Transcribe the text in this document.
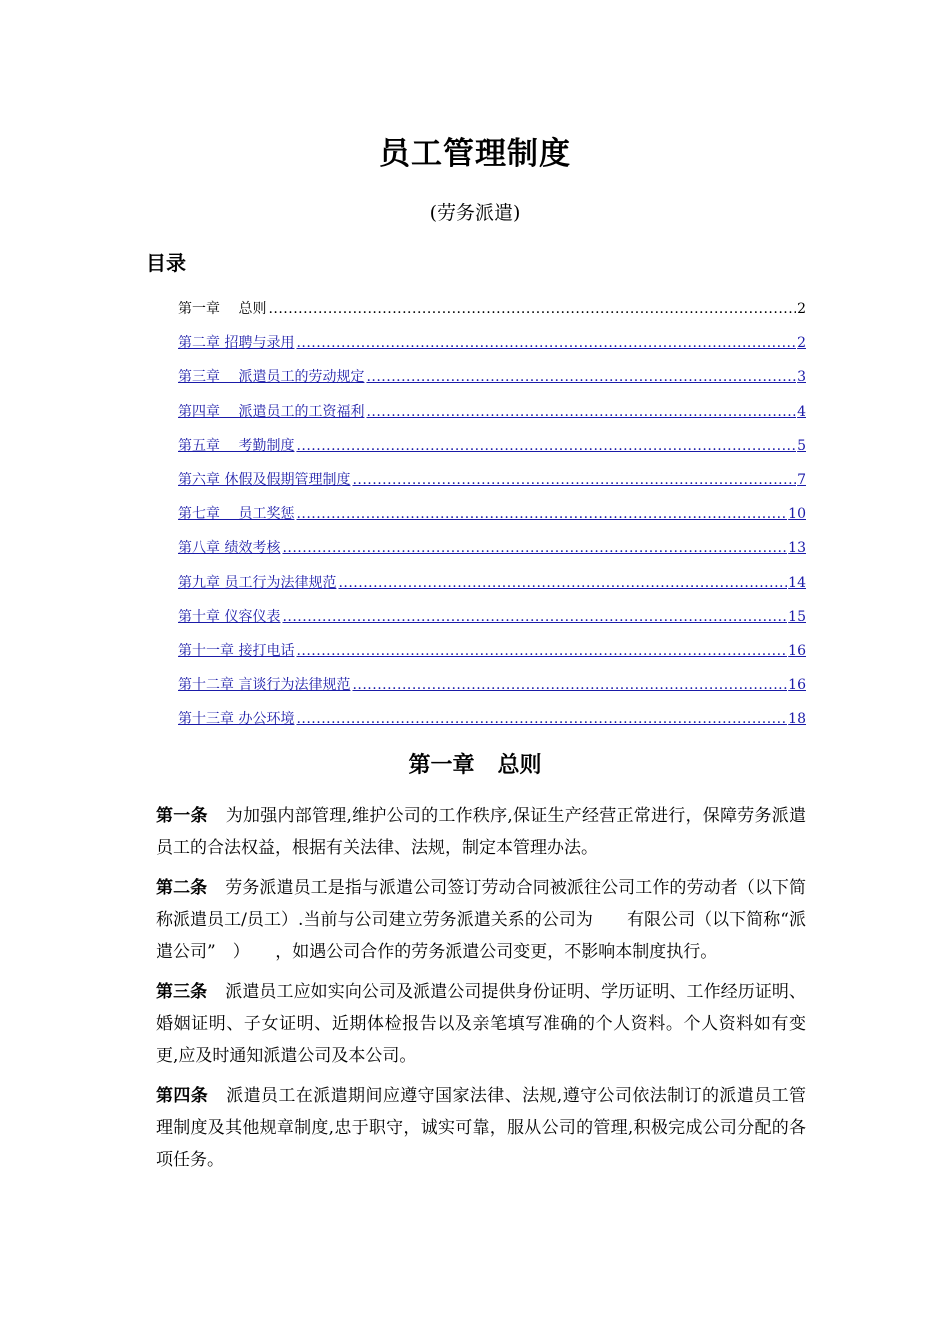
员工管理制度
(劳务派遣)
目录
第一章 　总则 .....	2
第二章 招聘与录用 .....	2
第三章 　派遣员工的劳动规定 .....	3
第四章 　派遣员工的工资福利 .....	4
第五章 　考勤制度 .....	5
第六章 休假及假期管理制度 .....	7
第七章 　员工奖惩 .....	10
第八章 绩效考核 .....	13
第九章 员工行为法律规范 .....	14
第十章 仪容仪表 .....	15
第十一章 接打电话 .....	16
第十二章 言谈行为法律规范 .....	16
第十三章 办公环境 .....	18
第一章   总则

第一条 为加强内部管理,维护公司的工作秩序,保证生产经营正常进行，保障劳务派遣员工的合法权益，根据有关法律、法规，制定本管理办法。

第二条 劳务派遣员工是指与派遣公司签订劳动合同被派往公司工作的劳动者（以下简称派遣员工/员工）.当前与公司建立劳务派遣关系的公司为　　有限公司（以下简称“派遣公司”　）　　，如遇公司合作的劳务派遣公司变更，不影响本制度执行。

第三条 派遣员工应如实向公司及派遣公司提供身份证明、学历证明、工作经历证明、婚姻证明、子女证明、近期体检报告以及亲笔填写准确的个人资料。个人资料如有变更,应及时通知派遣公司及本公司。

第四条 派遣员工在派遣期间应遵守国家法律、法规,遵守公司依法制订的派遣员工管理制度及其他规章制度,忠于职守，诚实可靠，服从公司的管理,积极完成公司分配的各项任务。
